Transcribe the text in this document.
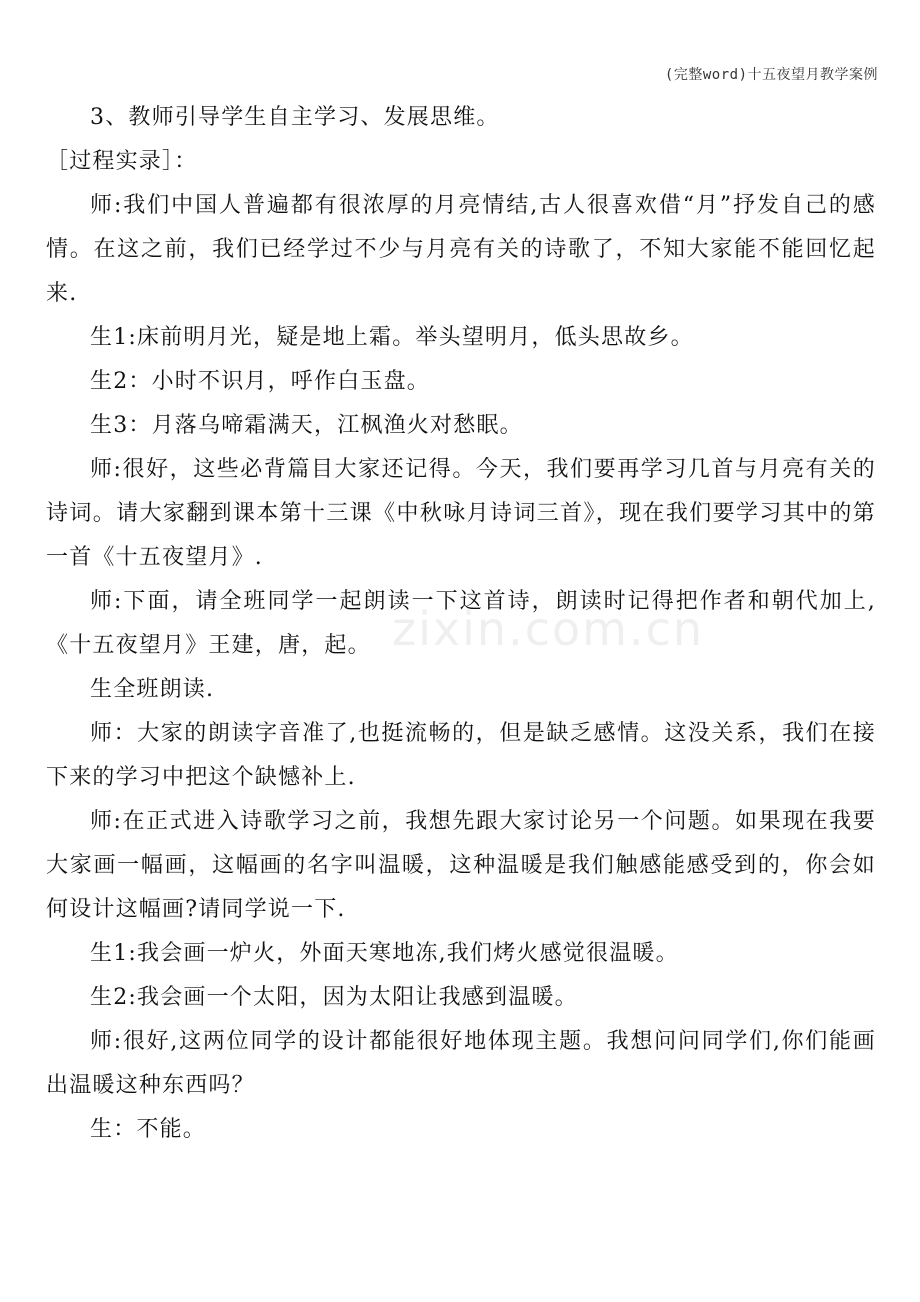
(完整word)十五夜望月教学案例
zixin.com.cn

3、教师引导学生自主学习、发展思维。

［过程实录］：

师:我们中国人普遍都有很浓厚的月亮情结,古人很喜欢借“月”抒发自己的感情。在这之前，我们已经学过不少与月亮有关的诗歌了，不知大家能不能回忆起来.

生1:床前明月光，疑是地上霜。举头望明月，低头思故乡。

生2：小时不识月，呼作白玉盘。

生3：月落乌啼霜满天，江枫渔火对愁眠。

师:很好，这些必背篇目大家还记得。今天，我们要再学习几首与月亮有关的诗词。请大家翻到课本第十三课《中秋咏月诗词三首》，现在我们要学习其中的第一首《十五夜望月》.

师:下面，请全班同学一起朗读一下这首诗，朗读时记得把作者和朝代加上,《十五夜望月》王建，唐，起。

生全班朗读.

师：大家的朗读字音准了,也挺流畅的，但是缺乏感情。这没关系，我们在接下来的学习中把这个缺憾补上.

师:在正式进入诗歌学习之前，我想先跟大家讨论另一个问题。如果现在我要大家画一幅画，这幅画的名字叫温暖，这种温暖是我们触感能感受到的，你会如何设计这幅画?请同学说一下.

生1:我会画一炉火，外面天寒地冻,我们烤火感觉很温暖。

生2:我会画一个太阳，因为太阳让我感到温暖。

师:很好,这两位同学的设计都能很好地体现主题。我想问问同学们,你们能画出温暖这种东西吗？

生：不能。
